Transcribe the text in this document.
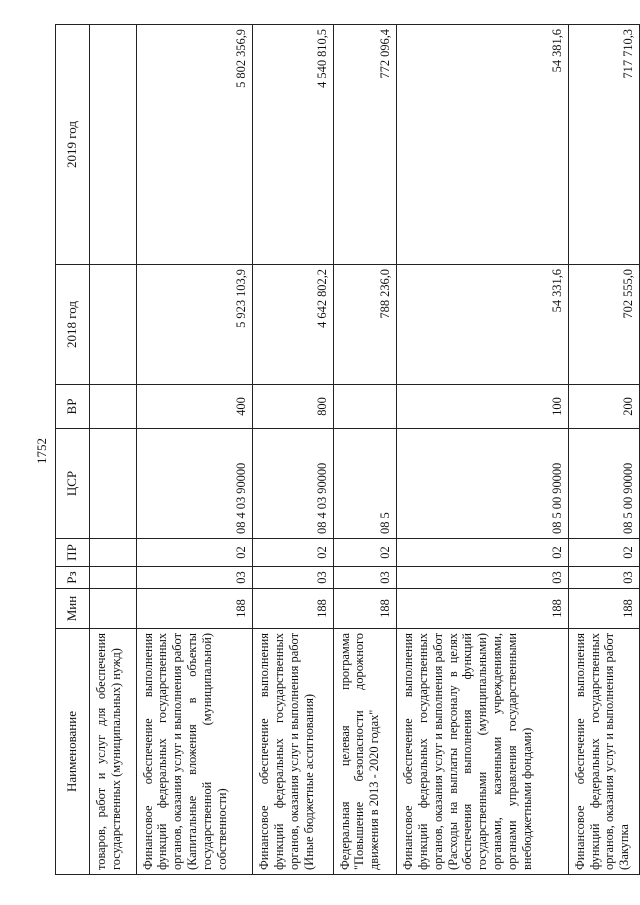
1752
Наименование	Мин	Рз	ПР	ЦСР	ВР	2018 год	2019 год
товаров, работ и услуг для обеспечения государственных (муниципальных) нужд)							
Финансовое обеспечение выполнения функций федеральных государственных органов, оказания услуг и выполнения работ (Капитальные вложения в объекты государственной (муниципальной) собственности)	188	03	02	08 4 03 90000	400	5 923 103,9	5 802 356,9
Финансовое обеспечение выполнения функций федеральных государственных органов, оказания услуг и выполнения работ (Иные бюджетные ассигнования)	188	03	02	08 4 03 90000	800	4 642 802,2	4 540 810,5
Федеральная целевая программа "Повышение безопасности дорожного движения в 2013 - 2020 годах"	188	03	02	08 5		788 236,0	772 096,4
Финансовое обеспечение выполнения функций федеральных государственных органов, оказания услуг и выполнения работ (Расходы на выплаты персоналу в целях обеспечения выполнения функций государственными (муниципальными) органами, казенными учреждениями, органами управления государственными внебюджетными фондами)	188	03	02	08 5 00 90000	100	54 331,6	54 381,6
Финансовое обеспечение выполнения функций федеральных государственных органов, оказания услуг и выполнения работ (Закупка	188	03	02	08 5 00 90000	200	702 555,0	717 710,3
